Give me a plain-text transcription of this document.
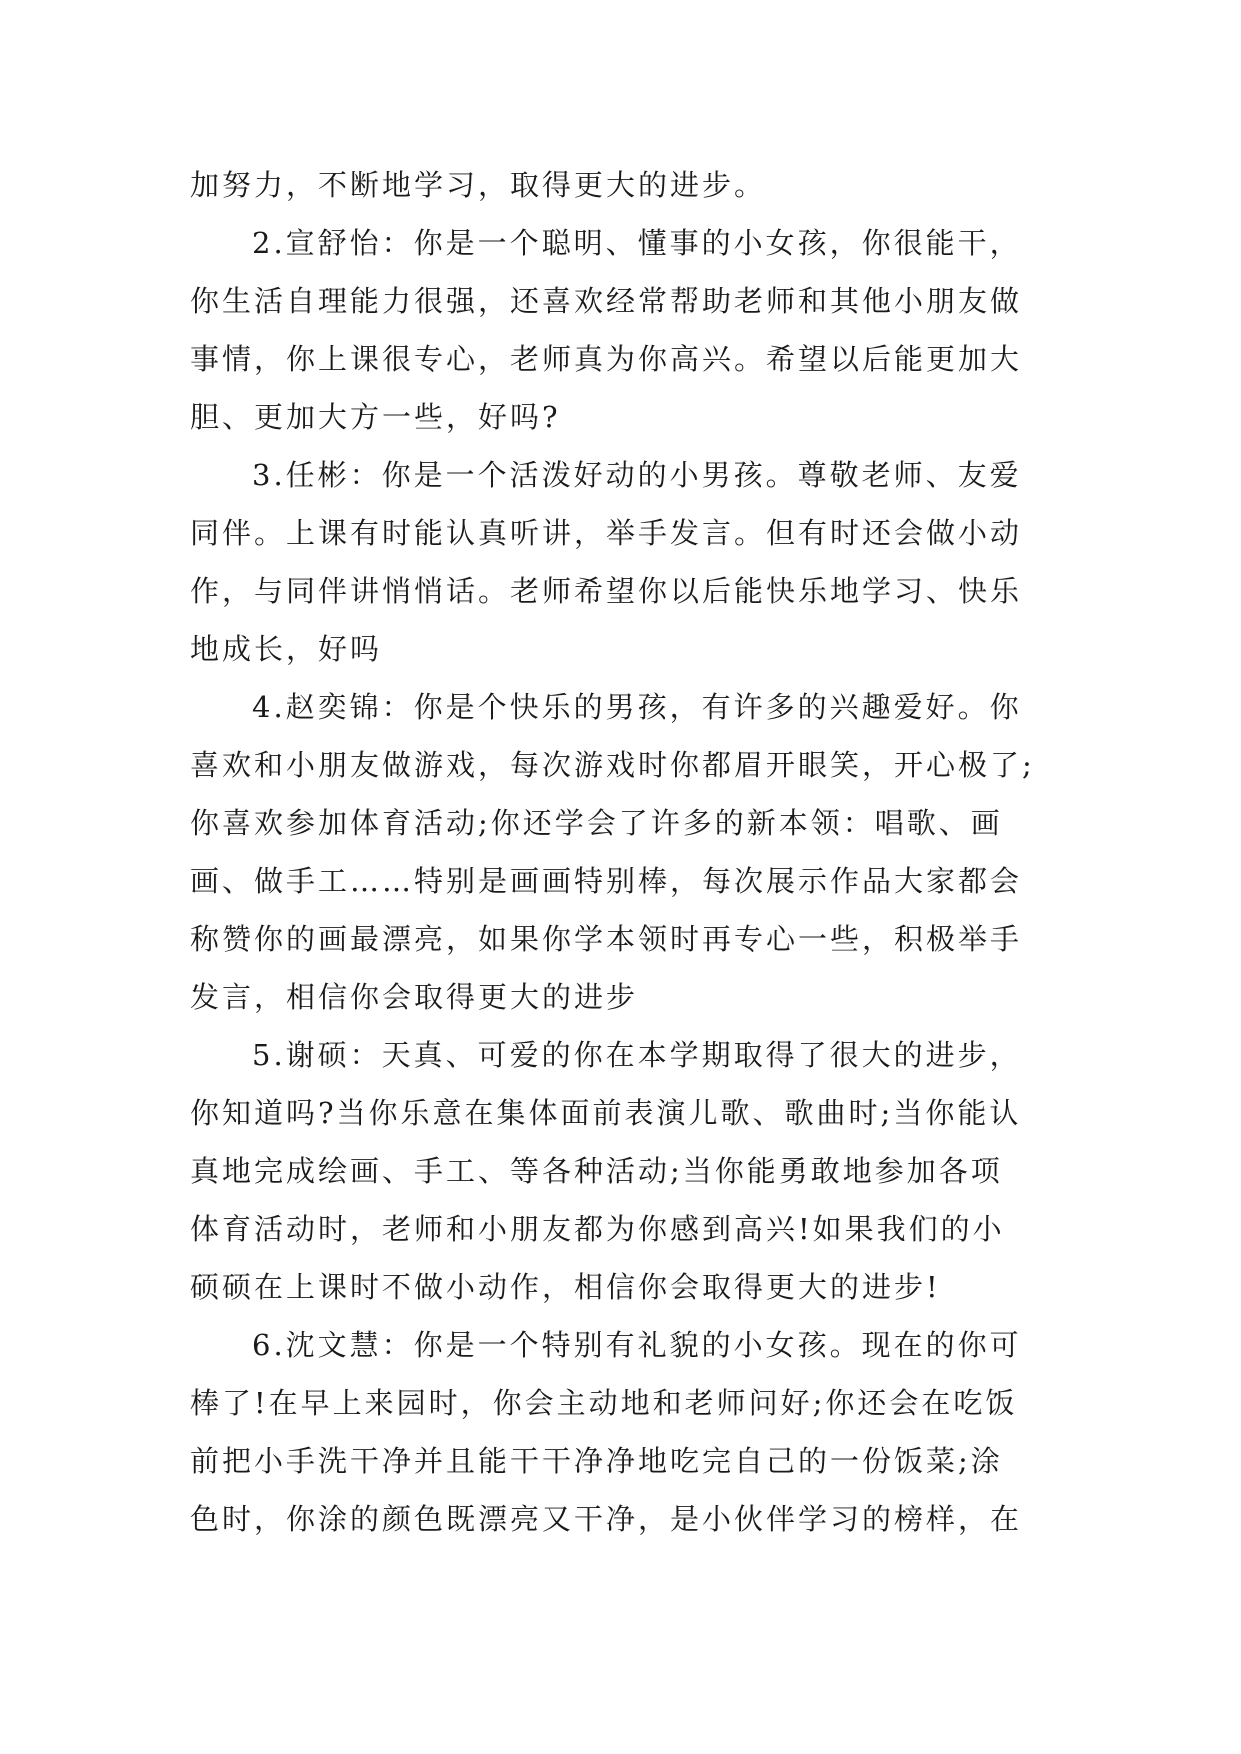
加努力，不断地学习，取得更大的进步。
2.宣舒怡：你是一个聪明、懂事的小女孩，你很能干，
你生活自理能力很强，还喜欢经常帮助老师和其他小朋友做
事情，你上课很专心，老师真为你高兴。希望以后能更加大
胆、更加大方一些，好吗?
3.任彬：你是一个活泼好动的小男孩。尊敬老师、友爱
同伴。上课有时能认真听讲，举手发言。但有时还会做小动
作，与同伴讲悄悄话。老师希望你以后能快乐地学习、快乐
地成长，好吗
4.赵奕锦：你是个快乐的男孩，有许多的兴趣爱好。你
喜欢和小朋友做游戏，每次游戏时你都眉开眼笑，开心极了;
你喜欢参加体育活动;你还学会了许多的新本领：唱歌、画
画、做手工……特别是画画特别棒，每次展示作品大家都会
称赞你的画最漂亮，如果你学本领时再专心一些，积极举手
发言，相信你会取得更大的进步
5.谢硕：天真、可爱的你在本学期取得了很大的进步，
你知道吗?当你乐意在集体面前表演儿歌、歌曲时;当你能认
真地完成绘画、手工、等各种活动;当你能勇敢地参加各项
体育活动时，老师和小朋友都为你感到高兴!如果我们的小
硕硕在上课时不做小动作，相信你会取得更大的进步!
6.沈文慧：你是一个特别有礼貌的小女孩。现在的你可
棒了!在早上来园时，你会主动地和老师问好;你还会在吃饭
前把小手洗干净并且能干干净净地吃完自己的一份饭菜;涂
色时，你涂的颜色既漂亮又干净，是小伙伴学习的榜样，在
